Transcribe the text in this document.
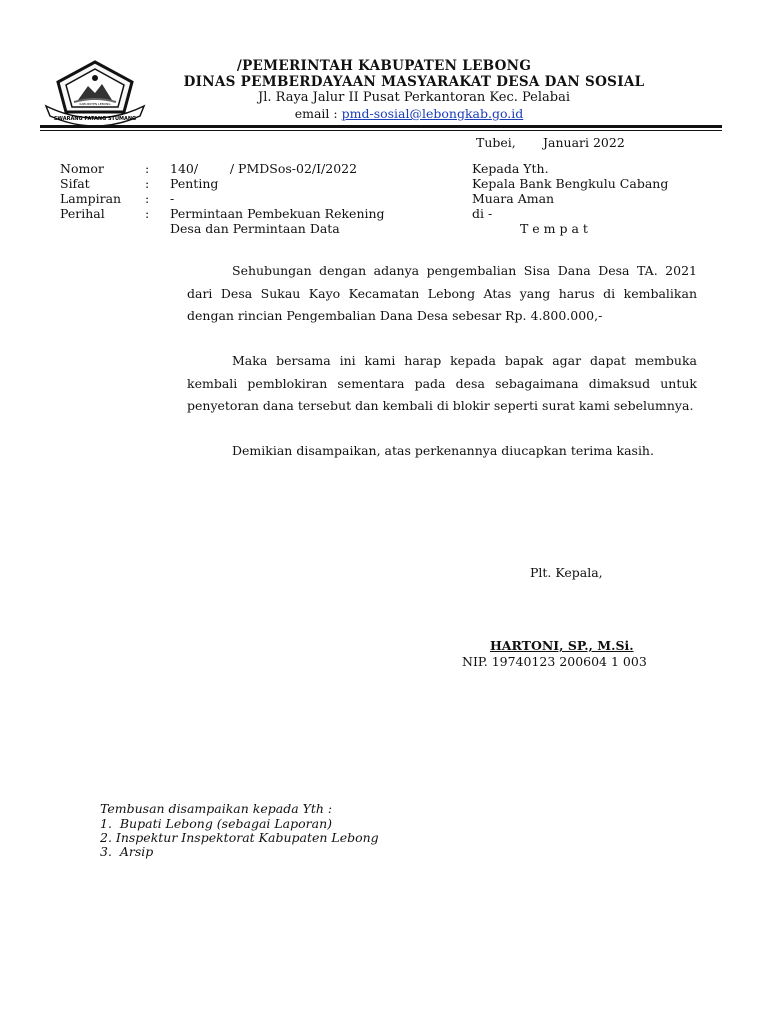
SWARANG PATANG STUMANG
KABUPATEN LEBONG
/PEMERINTAH KABUPATEN LEBONG
DINAS PEMBERDAYAAN MASYARAKAT DESA DAN SOSIAL
Jl. Raya Jalur II Pusat Perkantoran Kec. Pelabai
email : pmd-sosial@lebongkab.go.id
Tubei, Januari 2022
Nomor	: 140/        / PMDSos-02/I/2022
Sifat	: Penting
Lampiran : -
Perihal	: Permintaan Pembekuan Rekening
Desa dan Permintaan Data
Kepada Yth.
Kepala Bank Bengkulu Cabang
Muara Aman
di -
T e m p a t
Sehubungan dengan adanya pengembalian Sisa Dana Desa TA. 2021 dari Desa Sukau Kayo Kecamatan Lebong Atas yang harus di kembalikan dengan rincian Pengembalian Dana Desa sebesar Rp. 4.800.000,-
Maka bersama ini kami harap kepada bapak agar dapat membuka kembali pemblokiran sementara pada desa sebagaimana dimaksud untuk penyetoran dana tersebut dan kembali di blokir seperti surat kami sebelumnya.
Demikian disampaikan, atas perkenannya diucapkan terima kasih.
Plt. Kepala,
HARTONI, SP., M.Si.
NIP. 19740123 200604 1 003
Tembusan disampaikan kepada Yth :
1.  Bupati Lebong (sebagai Laporan)
2. Inspektur Inspektorat Kabupaten Lebong
3.  Arsip
